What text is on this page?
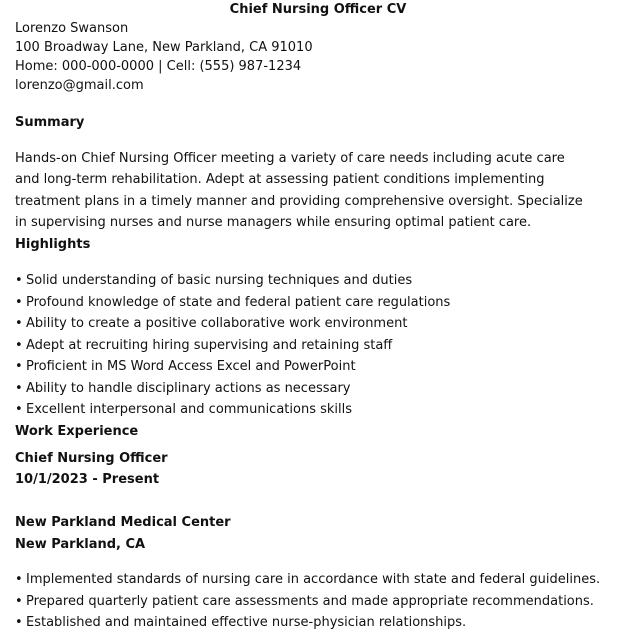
Chief Nursing Officer CV
Lorenzo Swanson
100 Broadway Lane, New Parkland, CA 91010
Home: 000-000-0000 | Cell: (555) 987-1234
lorenzo@gmail.com
Summary
Hands-on Chief Nursing Officer meeting a variety of care needs including acute care and long-term rehabilitation. Adept at assessing patient conditions implementing treatment plans in a timely manner and providing comprehensive oversight. Specialize in supervising nurses and nurse managers while ensuring optimal patient care.
Highlights
• Solid understanding of basic nursing techniques and duties
• Profound knowledge of state and federal patient care regulations
• Ability to create a positive collaborative work environment
• Adept at recruiting hiring supervising and retaining staff
• Proficient in MS Word Access Excel and PowerPoint
• Ability to handle disciplinary actions as necessary
• Excellent interpersonal and communications skills
Work Experience
Chief Nursing Officer
10/1/2023 - Present
New Parkland Medical Center
New Parkland, CA
• Implemented standards of nursing care in accordance with state and federal guidelines.
• Prepared quarterly patient care assessments and made appropriate recommendations.
• Established and maintained effective nurse-physician relationships.
